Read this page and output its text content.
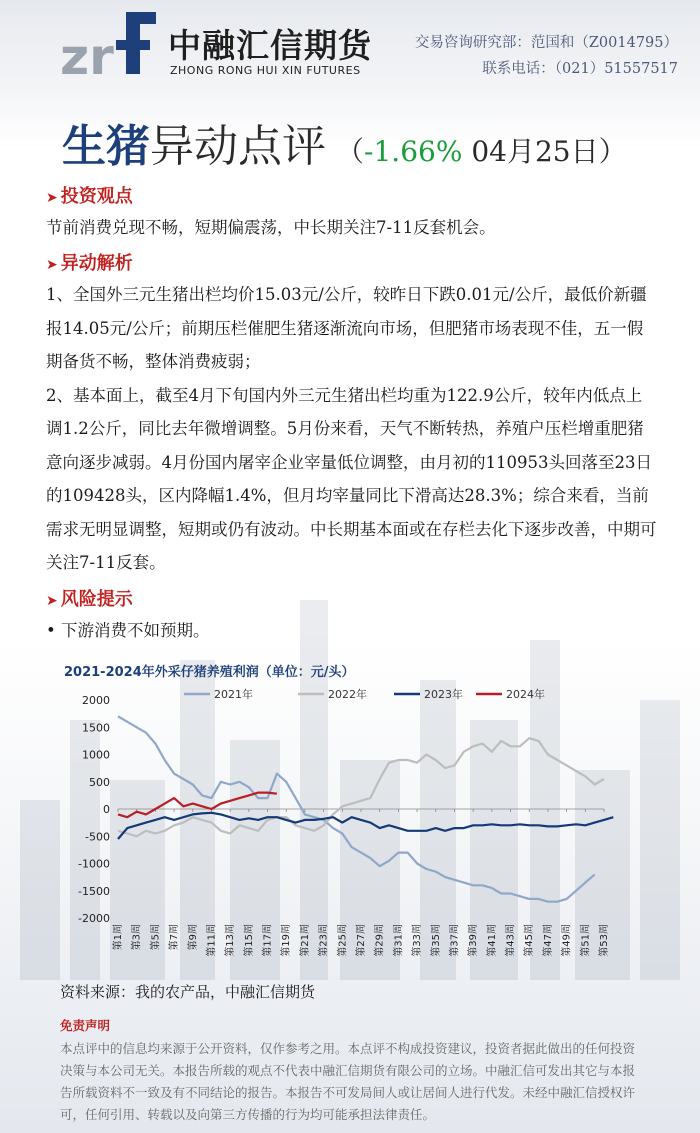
zr 中融汇信期货
ZHONG RONG HUI XIN FUTURES
交易咨询研究部：范国和（Z0014795）
联系电话：（021）51557517
生猪异动点评 （-1.66% 04月25日）
➤ 投资观点

节前消费兑现不畅，短期偏震荡，中长期关注7-11反套机会。

➤ 异动解析

1、全国外三元生猪出栏均价15.03元/公斤，较昨日下跌0.01元/公斤，最低价新疆报14.05元/公斤；前期压栏催肥生猪逐渐流向市场，但肥猪市场表现不佳，五一假期备货不畅，整体消费疲弱；

2、基本面上，截至4月下旬国内外三元生猪出栏均重为122.9公斤，较年内低点上调1.2公斤，同比去年微增调整。5月份来看，天气不断转热，养殖户压栏增重肥猪意向逐步减弱。4月份国内屠宰企业宰量低位调整，由月初的110953头回落至23日的109428头，区内降幅1.4%，但月均宰量同比下滑高达28.3%；综合来看，当前需求无明显调整，短期或仍有波动。中长期基本面或在存栏去化下逐步改善，中期可关注7-11反套。

➤ 风险提示

• 下游消费不如预期。

2021-2024年外采仔猪养殖利润（单位：元/头）
2021年	2022年	2023年	2024年
2000
1500
1000
500
0
-500
-1000
-1500
-2000
第1周 第3周 第5周 第7周 第9周 第11周 第13周 第15周 第17周 第19周 第21周 第23周 第25周 第27周 第29周 第31周 第33周 第35周 第37周 第39周 第41周 第43周 第45周 第47周 第49周 第51周 第53周
资料来源：我的农产品，中融汇信期货
免责声明
本点评中的信息均来源于公开资料，仅作参考之用。本点评不构成投资建议，投资者据此做出的任何投资决策与本公司无关。本报告所载的观点不代表中融汇信期货有限公司的立场。中融汇信可发出其它与本报告所载资料不一致及有不同结论的报告。本报告不可发局间人或让居间人进行代发。未经中融汇信授权许可，任何引用、转载以及向第三方传播的行为均可能承担法律责任。
